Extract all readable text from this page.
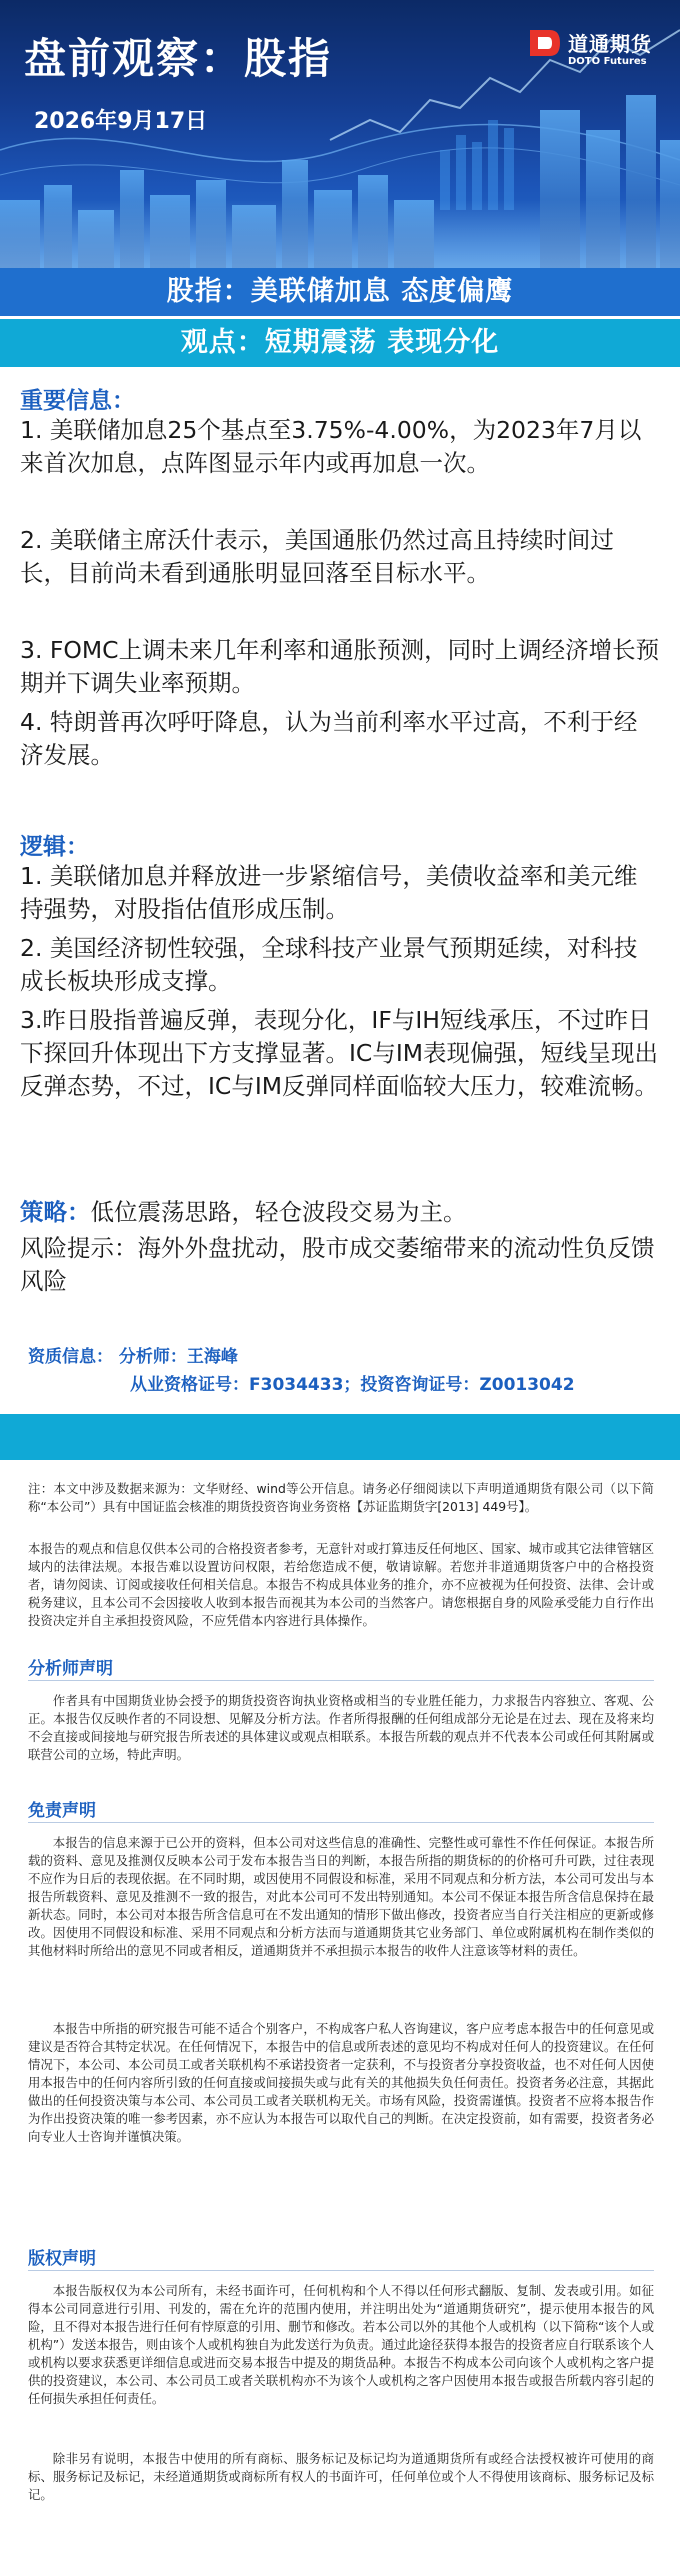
盘前观察：股指
2026年9月17日
道通期货
DOTO Futures
股指：美联储加息 态度偏鹰
观点：短期震荡 表现分化
重要信息：
1. 美联储加息25个基点至3.75%-4.00%，为2023年7月以来首次加息，点阵图显示年内或再加息一次。
2. 美联储主席沃什表示，美国通胀仍然过高且持续时间过长，目前尚未看到通胀明显回落至目标水平。
3. FOMC上调未来几年利率和通胀预测，同时上调经济增长预期并下调失业率预期。
4. 特朗普再次呼吁降息，认为当前利率水平过高，不利于经济发展。
逻辑：
1. 美联储加息并释放进一步紧缩信号，美债收益率和美元维持强势，对股指估值形成压制。
2. 美国经济韧性较强，全球科技产业景气预期延续，对科技成长板块形成支撑。
3.昨日股指普遍反弹，表现分化，IF与IH短线承压，不过昨日下探回升体现出下方支撑显著。IC与IM表现偏强，短线呈现出反弹态势，不过，IC与IM反弹同样面临较大压力，较难流畅。
策略：低位震荡思路，轻仓波段交易为主。
风险提示：海外外盘扰动，股市成交萎缩带来的流动性负反馈风险
资质信息： 分析师：王海峰
从业资格证号：F3034433；投资咨询证号：Z0013042
注：本文中涉及数据来源为：文华财经、wind等公开信息。请务必仔细阅读以下声明道通期货有限公司（以下简称“本公司”）具有中国证监会核准的期货投资咨询业务资格【苏证监期货字[2013] 449号】。
本报告的观点和信息仅供本公司的合格投资者参考，无意针对或打算违反任何地区、国家、城市或其它法律管辖区域内的法律法规。本报告难以设置访问权限，若给您造成不便，敬请谅解。若您并非道通期货客户中的合格投资者，请勿阅读、订阅或接收任何相关信息。本报告不构成具体业务的推介，亦不应被视为任何投资、法律、会计或税务建议，且本公司不会因接收人收到本报告而视其为本公司的当然客户。请您根据自身的风险承受能力自行作出投资决定并自主承担投资风险，不应凭借本内容进行具体操作。
分析师声明
作者具有中国期货业协会授予的期货投资咨询执业资格或相当的专业胜任能力，力求报告内容独立、客观、公正。本报告仅反映作者的不同设想、见解及分析方法。作者所得报酬的任何组成部分无论是在过去、现在及将来均不会直接或间接地与研究报告所表述的具体建议或观点相联系。本报告所载的观点并不代表本公司或任何其附属或联营公司的立场，特此声明。
免责声明
本报告的信息来源于已公开的资料，但本公司对这些信息的准确性、完整性或可靠性不作任何保证。本报告所载的资料、意见及推测仅反映本公司于发布本报告当日的判断，本报告所指的期货标的的价格可升可跌，过往表现不应作为日后的表现依据。在不同时期，或因使用不同假设和标准，采用不同观点和分析方法，本公司可发出与本报告所载资料、意见及推测不一致的报告，对此本公司可不发出特别通知。本公司不保证本报告所含信息保持在最新状态。同时，本公司对本报告所含信息可在不发出通知的情形下做出修改，投资者应当自行关注相应的更新或修改。因使用不同假设和标准、采用不同观点和分析方法而与道通期货其它业务部门、单位或附属机构在制作类似的其他材料时所给出的意见不同或者相反，道通期货并不承担损示本报告的收件人注意该等材料的责任。
本报告中所指的研究报告可能不适合个别客户，不构成客户私人咨询建议，客户应考虑本报告中的任何意见或建议是否符合其特定状况。在任何情况下，本报告中的信息或所表述的意见均不构成对任何人的投资建议。在任何情况下，本公司、本公司员工或者关联机构不承诺投资者一定获利，不与投资者分享投资收益，也不对任何人因使用本报告中的任何内容所引致的任何直接或间接损失或与此有关的其他损失负任何责任。投资者务必注意，其据此做出的任何投资决策与本公司、本公司员工或者关联机构无关。市场有风险，投资需谨慎。投资者不应将本报告作为作出投资决策的唯一参考因素，亦不应认为本报告可以取代自己的判断。在决定投资前，如有需要，投资者务必向专业人士咨询并谨慎决策。
版权声明
本报告版权仅为本公司所有，未经书面许可，任何机构和个人不得以任何形式翻版、复制、发表或引用。如征得本公司同意进行引用、刊发的，需在允许的范围内使用，并注明出处为“道通期货研究”，提示使用本报告的风险，且不得对本报告进行任何有悖原意的引用、删节和修改。若本公司以外的其他个人或机构（以下简称“该个人或机构”）发送本报告，则由该个人或机构独自为此发送行为负责。通过此途径获得本报告的投资者应自行联系该个人或机构以要求获悉更详细信息或进而交易本报告中提及的期货品种。本报告不构成本公司向该个人或机构之客户提供的投资建议，本公司、本公司员工或者关联机构亦不为该个人或机构之客户因使用本报告或报告所载内容引起的任何损失承担任何责任。
除非另有说明，本报告中使用的所有商标、服务标记及标记均为道通期货所有或经合法授权被许可使用的商标、服务标记及标记，未经道通期货或商标所有权人的书面许可，任何单位或个人不得使用该商标、服务标记及标记。
